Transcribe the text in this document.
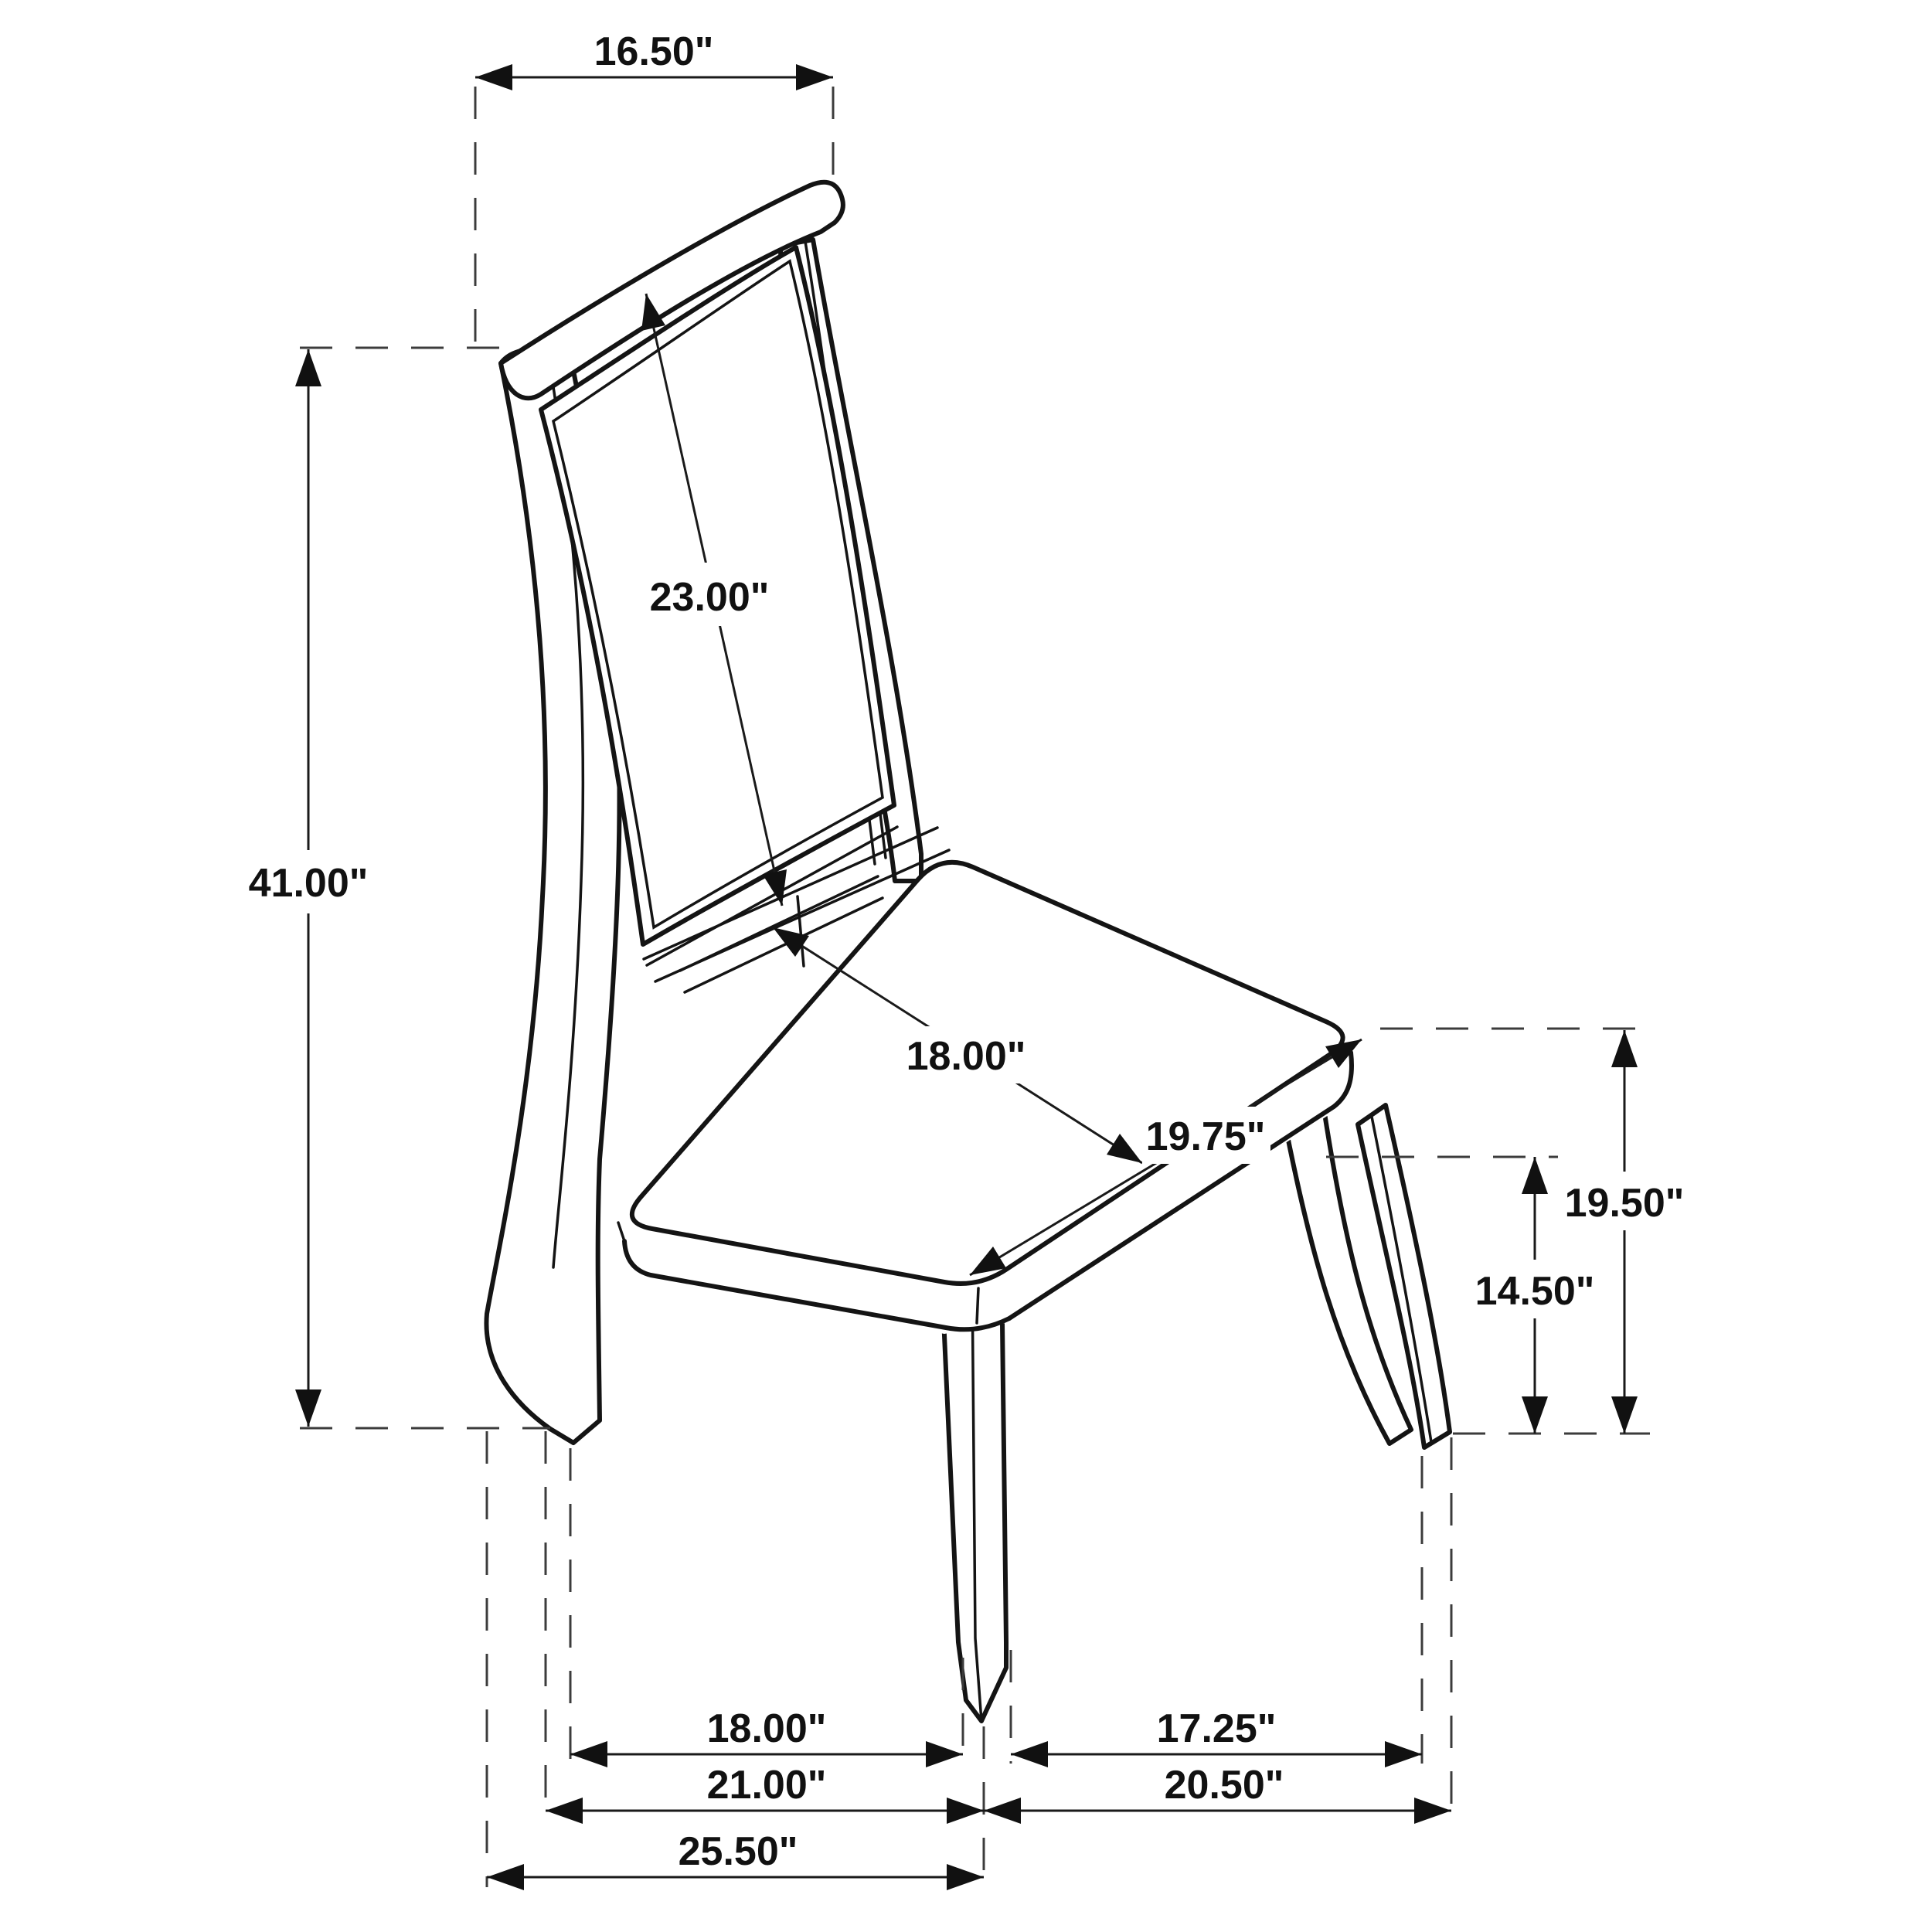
16.50"
41.00"
23.00"
18.00"
19.75"
19.50"
14.50"
18.00"	17.25"
21.00"	20.50"
25.50"
